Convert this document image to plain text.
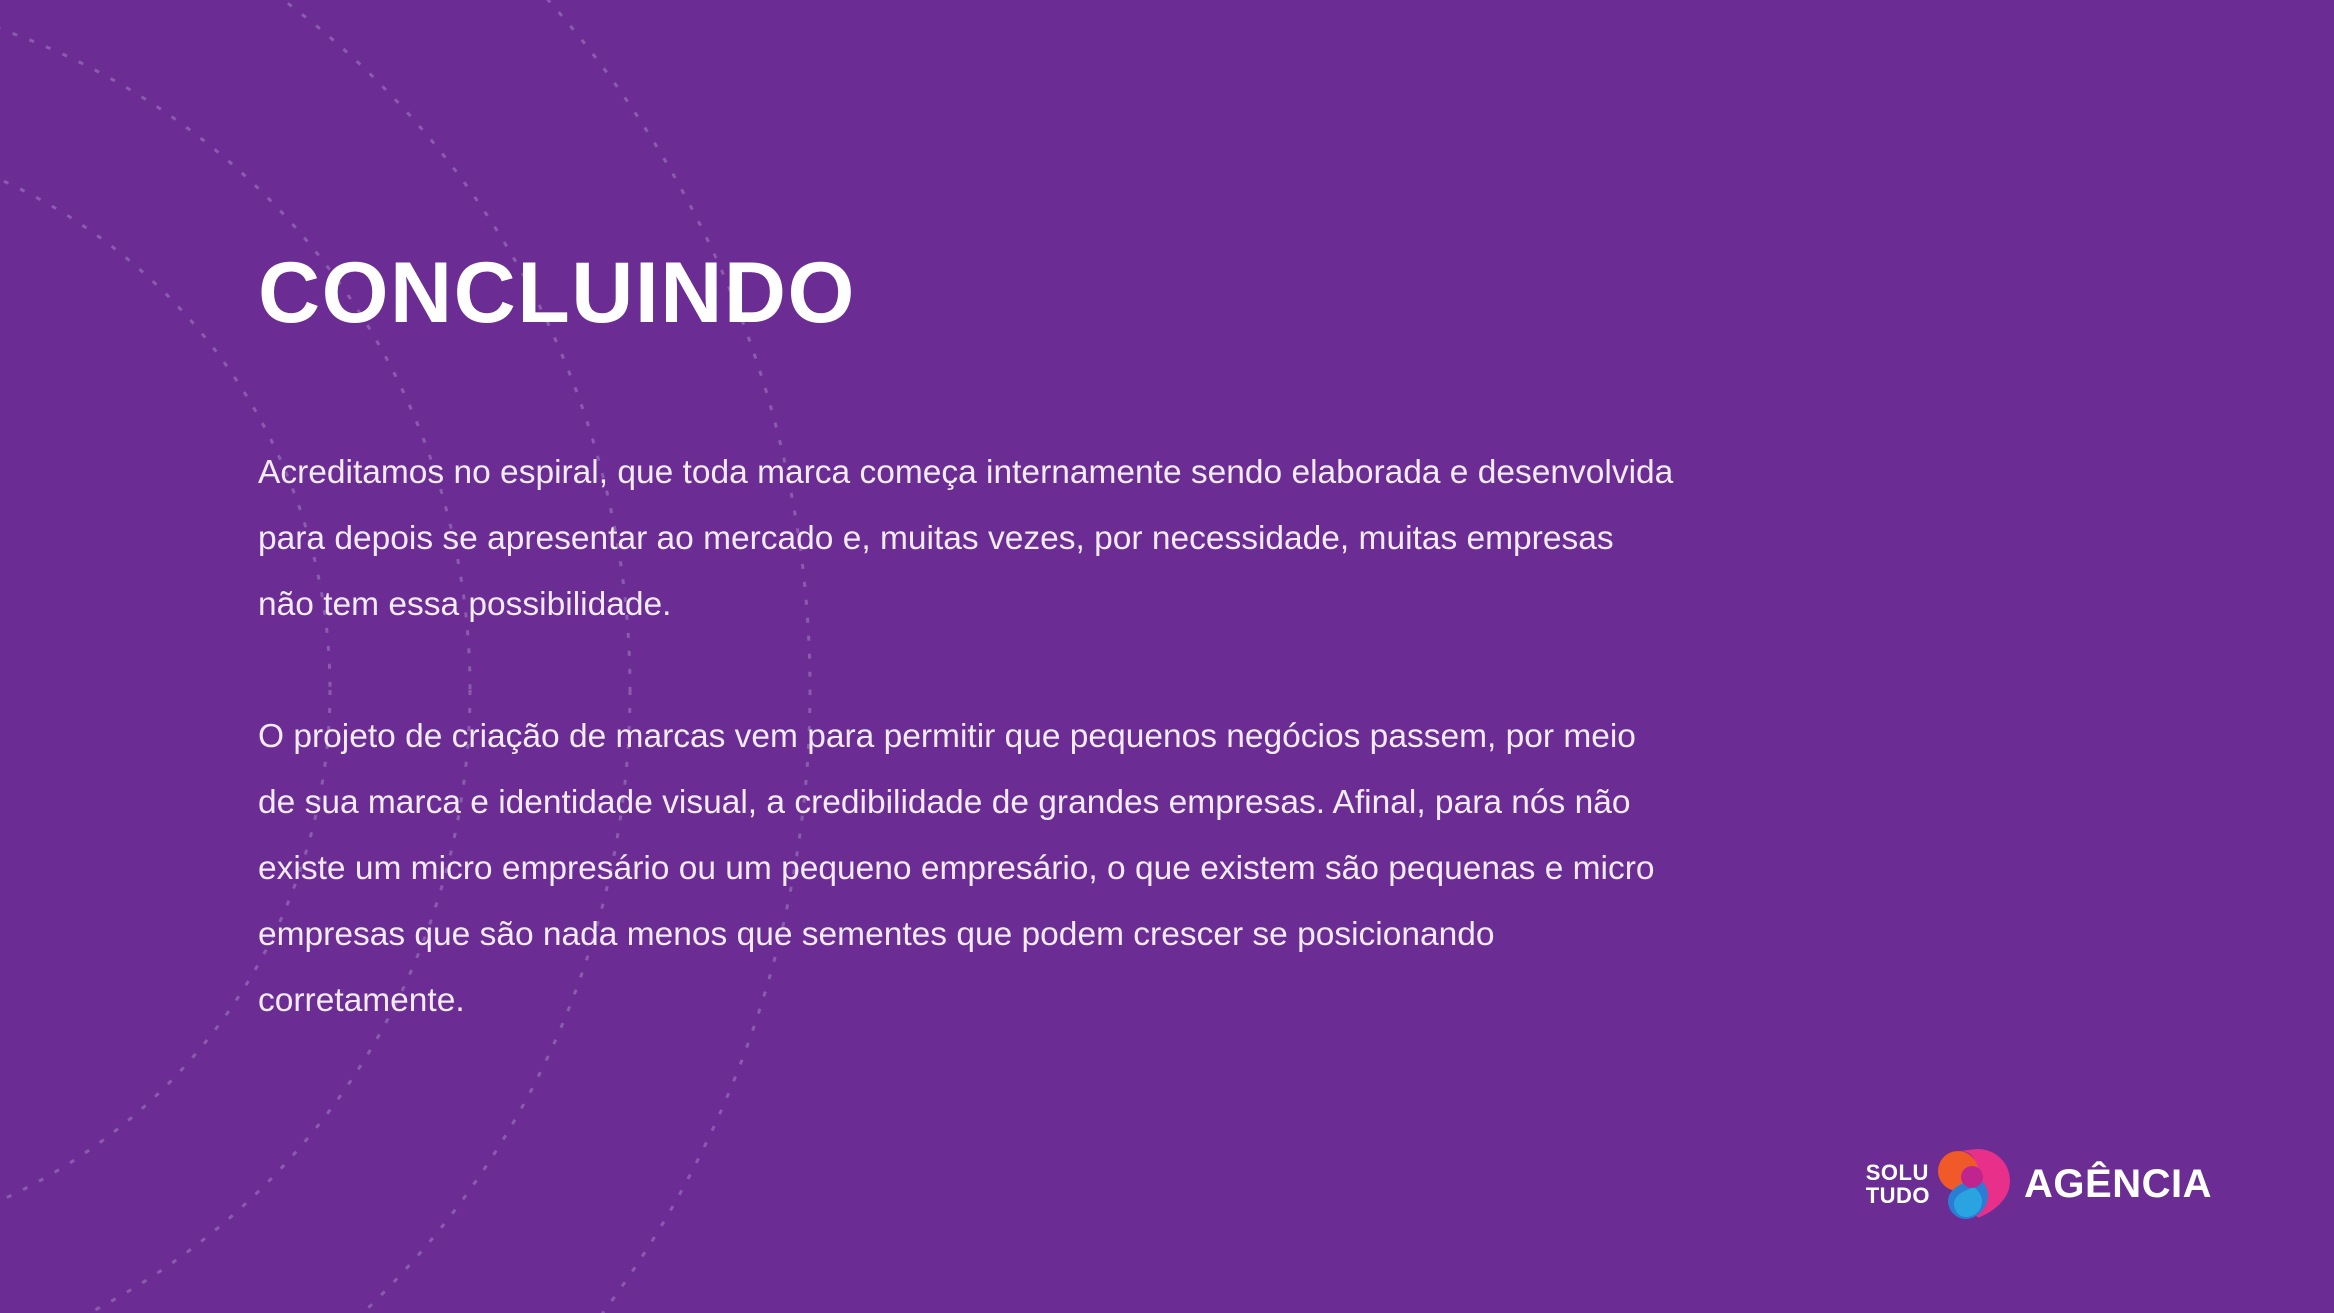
CONCLUINDO

Acreditamos no espiral, que toda marca começa internamente sendo elaborada e desenvolvida para depois se apresentar ao mercado e, muitas vezes, por necessidade, muitas empresas não tem essa possibilidade.

O projeto de criação de marcas vem para permitir que pequenos negócios passem, por meio de sua marca e identidade visual, a credibilidade de grandes empresas. Afinal, para nós não existe um micro empresário ou um pequeno empresário, o que existem são pequenas e micro empresas que são nada menos que sementes que podem crescer se posicionando corretamente.

SOLU
TUDO AGÊNCIA
